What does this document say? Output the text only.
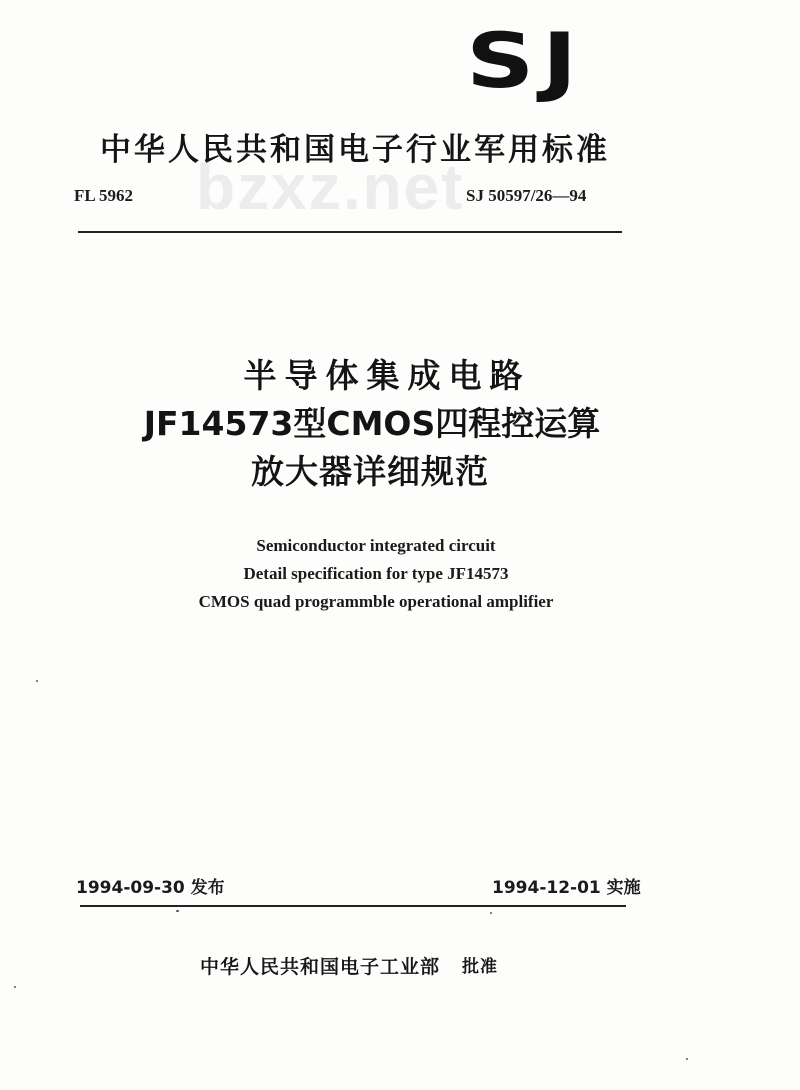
SJ
中华人民共和国电子行业军用标准
bzxz.net
FL 5962	SJ 50597/26—94
半导体集成电路
JF14573型CMOS四程控运算
放大器详细规范
Semiconductor integrated circuit
Detail specification for type JF14573
CMOS quad programmble operational amplifier
1994-09-30 发布	1994-12-01 实施
中华人民共和国电子工业部 批准
